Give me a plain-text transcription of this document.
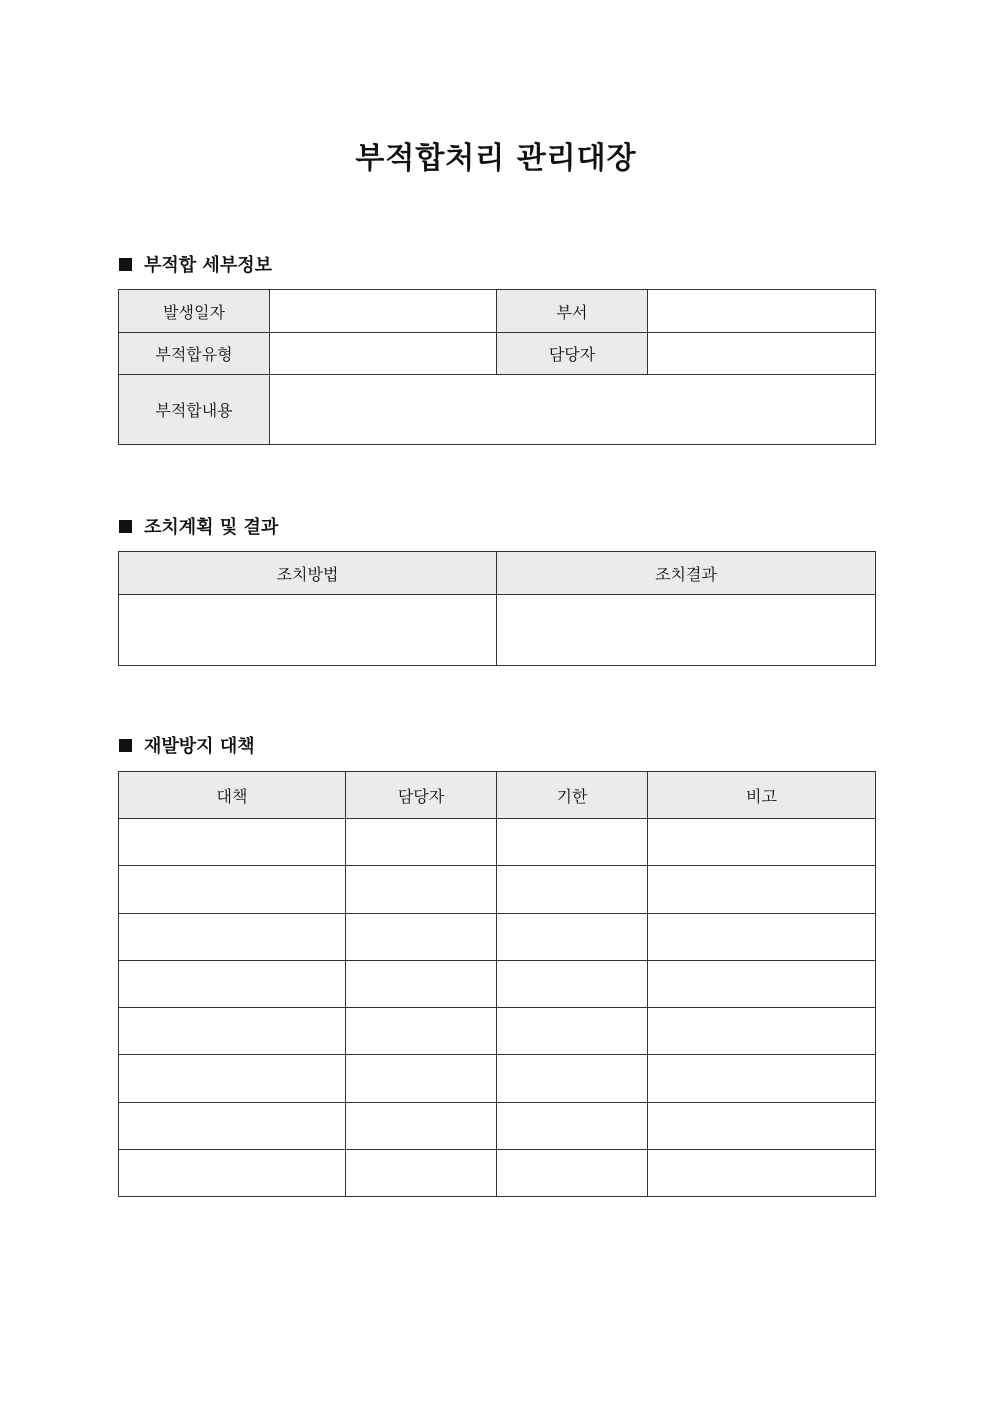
부적합처리 관리대장
부적합 세부정보
발생일자		부서	
부적합유형		담당자	
부적합내용			
조치계획 및 결과
조치방법	조치결과

재발방지 대책
대책	담당자	기한	비고
